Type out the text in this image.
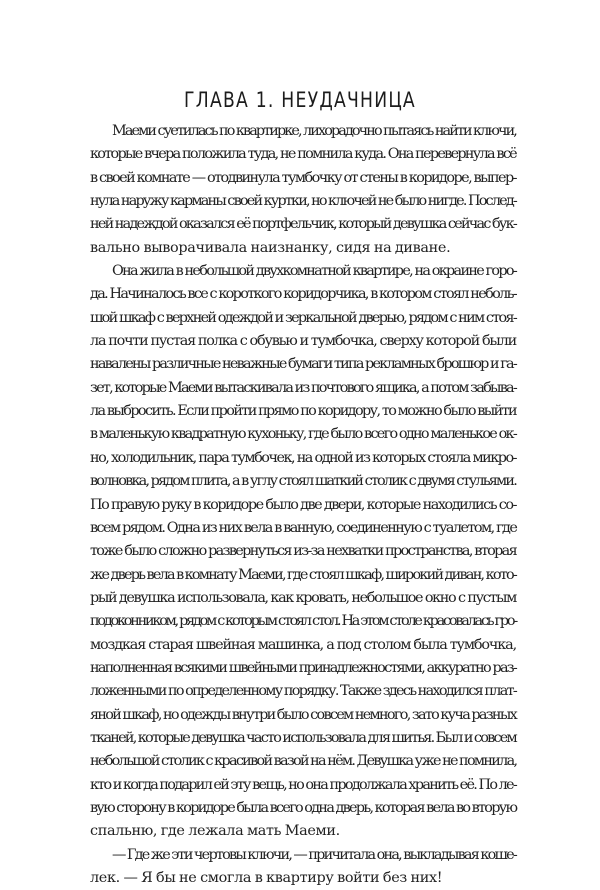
ГЛАВА 1. НЕУДАЧНИЦА

Маеми суетилась по квартирке, лихорадочно пытаясь найти ключи,
которые вчера положила туда, не помнила куда. Она перевернула всё
в своей комнате — отодвинула тумбочку от стены в коридоре, выпер-
нула наружу карманы своей куртки, но ключей не было нигде. Послед-
ней надеждой оказался её портфельчик, который девушка сейчас бук-
вально выворачивала наизнанку, сидя на диване.

Она жила в небольшой двухкомнатной квартире, на окраине горо-
да. Начиналось все с короткого коридорчика, в котором стоял неболь-
шой шкаф с верхней одеждой и зеркальной дверью, рядом с ним стоя-
ла почти пустая полка с обувью и тумбочка, сверху которой были
навалены различные неважные бумаги типа рекламных брошюр и га-
зет, которые Маеми вытаскивала из почтового ящика, а потом забыва-
ла выбросить. Если пройти прямо по коридору, то можно было выйти
в маленькую квадратную кухоньку, где было всего одно маленькое ок-
но, холодильник, пара тумбочек, на одной из которых стояла микро-
волновка, рядом плита, а в углу стоял шаткий столик с двумя стульями.
По правую руку в коридоре было две двери, которые находились со-
всем рядом. Одна из них вела в ванную, соединенную с туалетом, где
тоже было сложно развернуться из-за нехватки пространства, вторая
же дверь вела в комнату Маеми, где стоял шкаф, широкий диван, кото-
рый девушка использовала, как кровать, небольшое окно с пустым
подоконником, рядом с которым стоял стол. На этом столе красовалась гро-
моздкая старая швейная машинка, а под столом была тумбочка,
наполненная всякими швейными принадлежностями, аккуратно раз-
ложенными по определенному порядку. Также здесь находился плат-
яной шкаф, но одежды внутри было совсем немного, зато куча разных
тканей, которые девушка часто использовала для шитья. Был и совсем
небольшой столик с красивой вазой на нём. Девушка уже не помнила,
кто и когда подарил ей эту вещь, но она продолжала хранить её. По ле-
вую сторону в коридоре была всего одна дверь, которая вела во вторую
спальню, где лежала мать Маеми.

— Где же эти чертовы ключи, — причитала она, выкладывая коше-
лек. — Я бы не смогла в квартиру войти без них!
